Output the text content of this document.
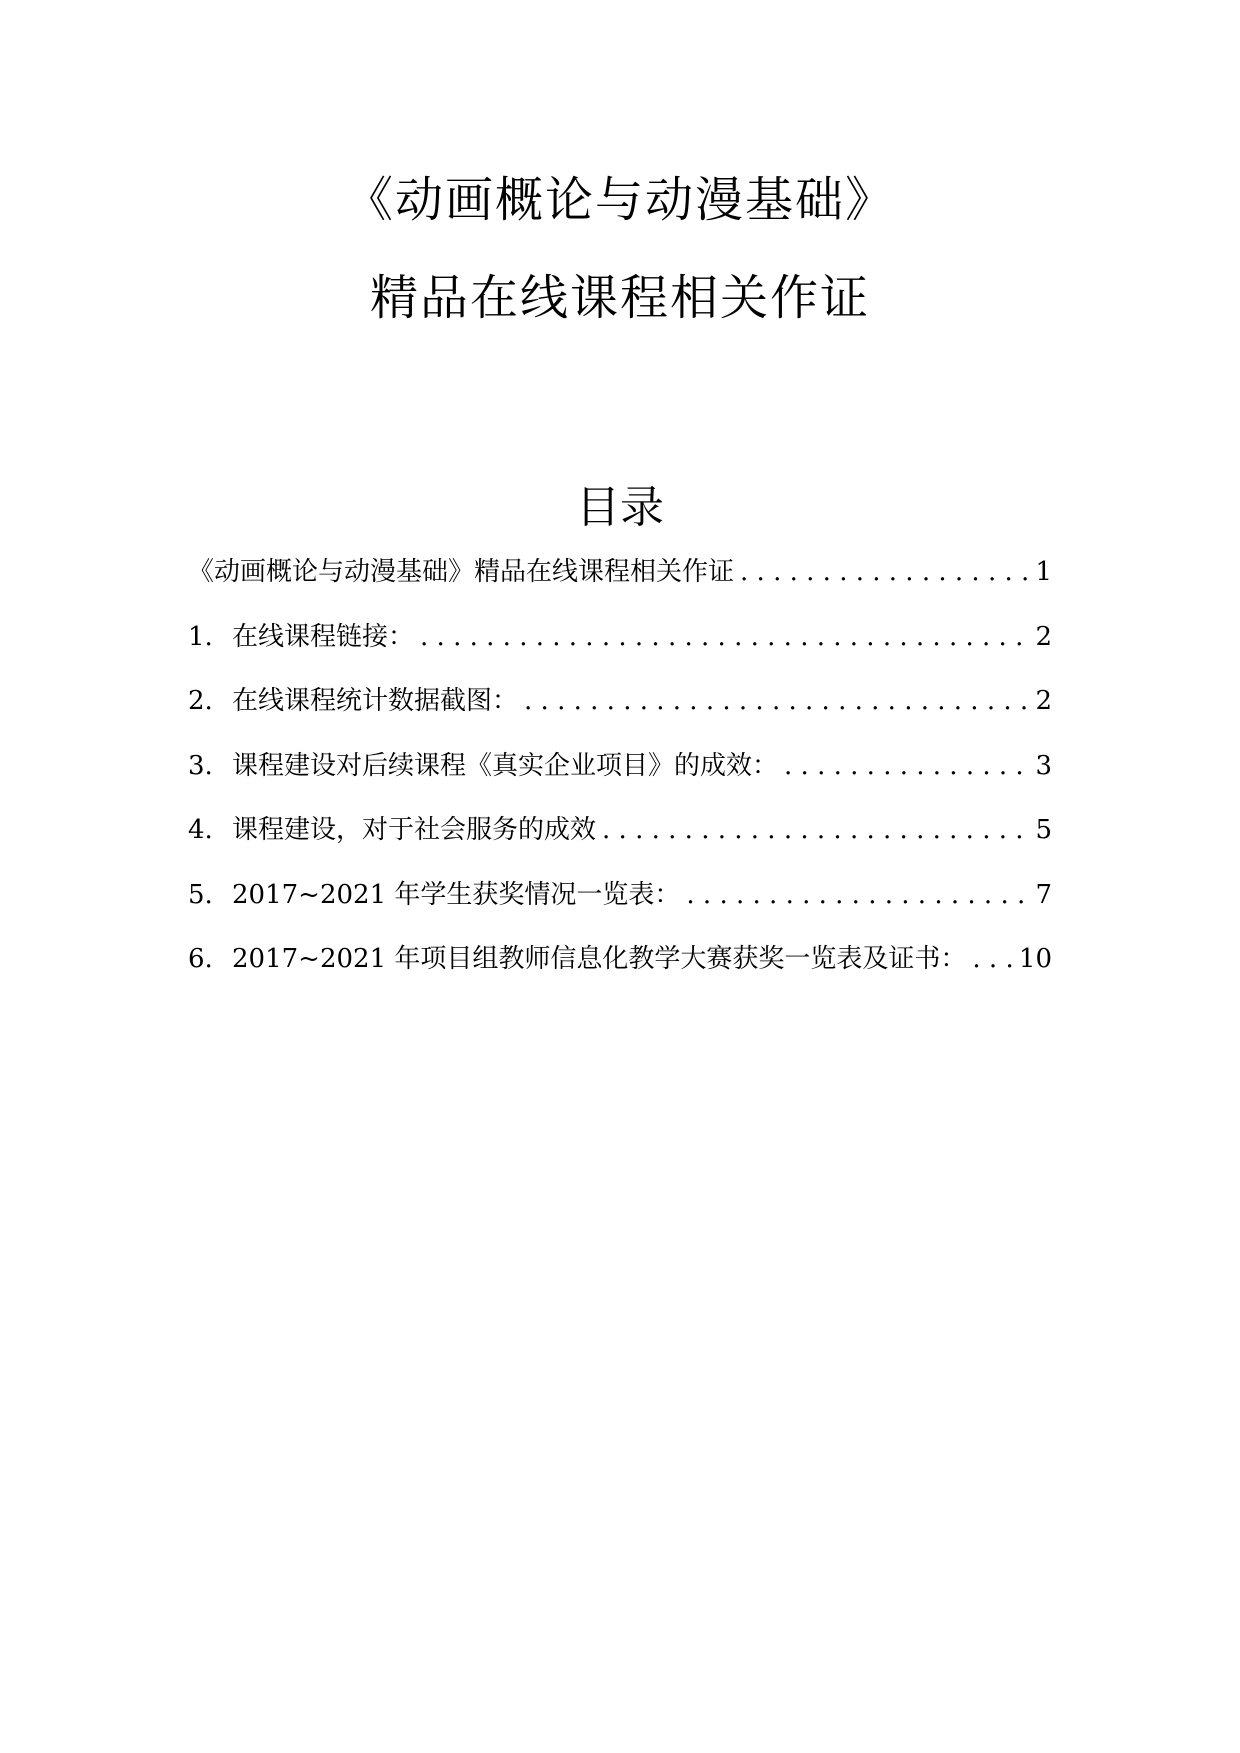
《动画概论与动漫基础》
精品在线课程相关作证
目录
《动画概论与动漫基础》精品在线课程相关作证 . . .	1
1. 在线课程链接： . . .	2
2. 在线课程统计数据截图： . . .	2
3. 课程建设对后续课程《真实企业项目》的成效： . . .	3
4. 课程建设，对于社会服务的成效 . . .	5
5. 2017~2021 年学生获奖情况一览表： . . .	7
6. 2017~2021 年项目组教师信息化教学大赛获奖一览表及证书： . . . 10
